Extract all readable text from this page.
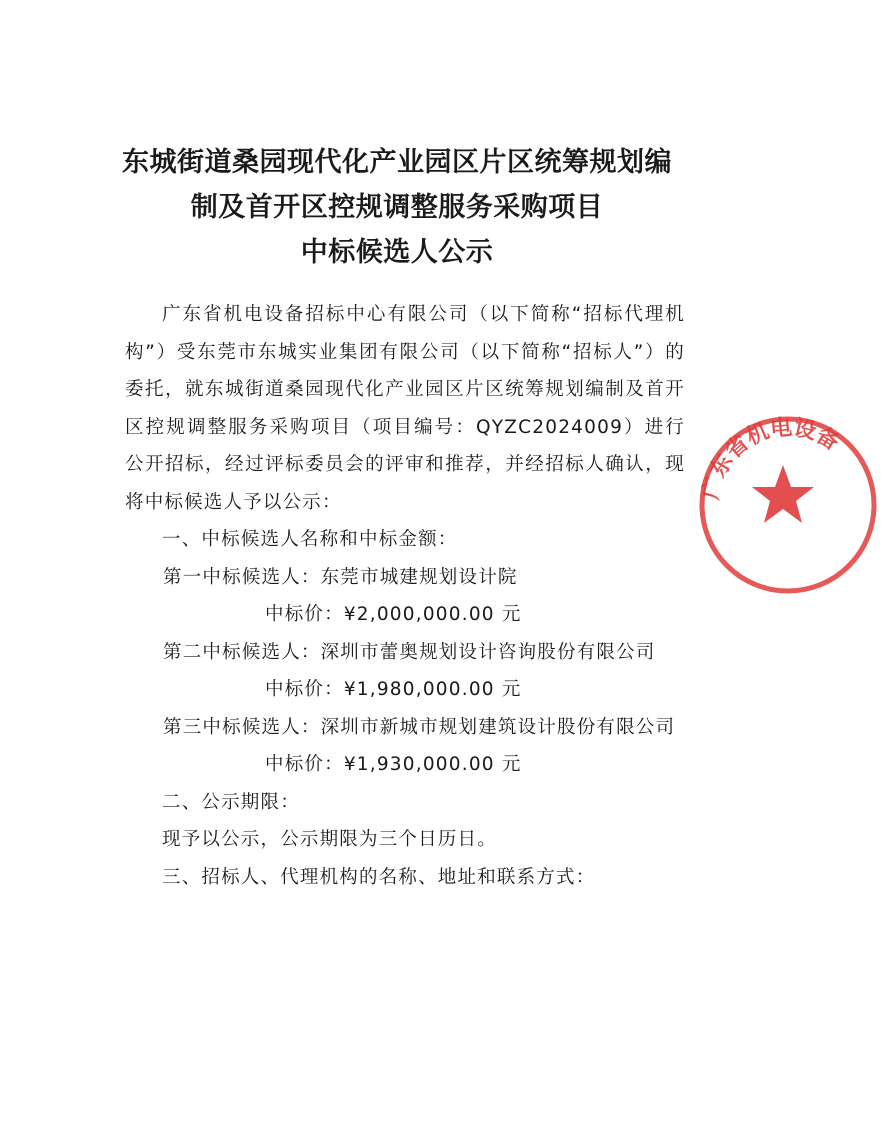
东城街道桑园现代化产业园区片区统筹规划编
制及首开区控规调整服务采购项目
中标候选人公示

广东省机电设备招标中心有限公司（以下简称“招标代理机构”）受东莞市东城实业集团有限公司（以下简称“招标人”）的委托，就东城街道桑园现代化产业园区片区统筹规划编制及首开区控规调整服务采购项目（项目编号：QYZC2024009）进行公开招标，经过评标委员会的评审和推荐，并经招标人确认，现将中标候选人予以公示：

一、中标候选人名称和中标金额：

第一中标候选人：东莞市城建规划设计院

中标价：¥2,000,000.00 元

第二中标候选人：深圳市蕾奥规划设计咨询股份有限公司

中标价：¥1,980,000.00 元

第三中标候选人：深圳市新城市规划建筑设计股份有限公司

中标价：¥1,930,000.00 元

二、公示期限：

现予以公示，公示期限为三个日历日。

三、招标人、代理机构的名称、地址和联系方式：

广东省机电设备
